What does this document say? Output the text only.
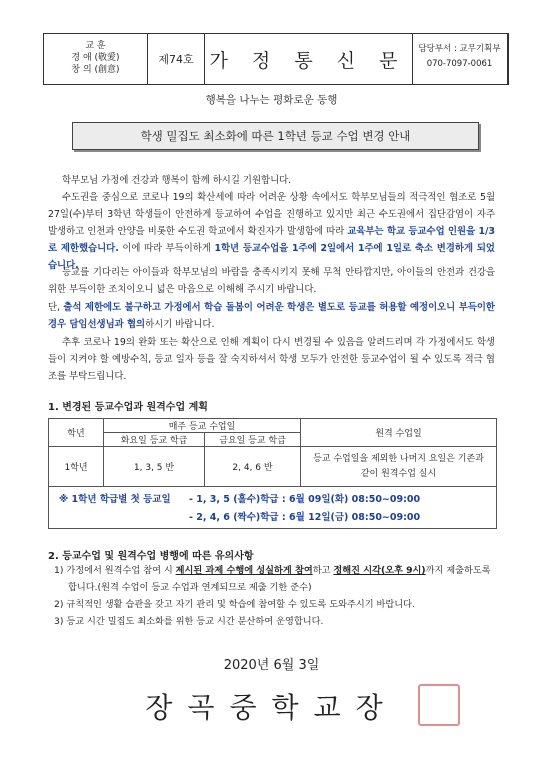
교 훈
경 애 (敬愛)
창 의 (創意)
제74호 가 정 통 신 문
담당부서 : 교무기획부
070-7097-0061
행복을 나누는 평화로운 동행
학생 밀집도 최소화에 따른 1학년 등교 수업 변경 안내
학부모님 가정에 건강과 행복이 함께 하시길 기원합니다.
수도권을 중심으로 코로나 19의 확산세에 따라 어려운 상황 속에서도 학부모님들의 적극적인 협조로 5월 27일(수)부터 3학년 학생들이 안전하게 등교하여 수업을 진행하고 있지만 최근 수도권에서 집단감염이 자주 발생하고 인천과 안양을 비롯한 수도권 학교에서 확진자가 발생함에 따라 교육부는 학교 등교수업 인원을 1/3로 제한했습니다. 이에 따라 부득이하게 1학년 등교수업을 1주에 2일에서 1주에 1일로 축소 변경하게 되었습니다.
등교를 기다리는 아이들과 학부모님의 바람을 충족시키지 못해 무척 안타깝지만, 아이들의 안전과 건강을 위한 부득이한 조치이오니 넓은 마음으로 이해해 주시기 바랍니다.
단, 출석 제한에도 불구하고 가정에서 학습 돌봄이 어려운 학생은 별도로 등교를 허용할 예정이오니 부득이한 경우 담임선생님과 협의하시기 바랍니다.
추후 코로나 19의 완화 또는 확산으로 인해 계획이 다시 변경될 수 있음을 알려드리며 각 가정에서도 학생들이 지켜야 할 예방수칙, 등교 일자 등을 잘 숙지하셔서 학생 모두가 안전한 등교수업이 될 수 있도록 적극 협조를 부탁드립니다.
1. 변경된 등교수업과 원격수업 계획
학년	매주 등교 수업일		원격 수업일
	화요일 등교 학급	금요일 등교 학급	
1학년	1, 3, 5 반	2, 4, 6 반	등교 수업일을 제외한 나머지 요일은 기존과 같이 원격수업 실시
※ 1학년 학급별 첫 등교일 - 1, 3, 5 (홀수)학급 : 6월 09일(화) 08:50~09:00
- 2, 4, 6 (짝수)학급 : 6월 12일(금) 08:50~09:00
2. 등교수업 및 원격수업 병행에 따른 유의사항
1) 가정에서 원격수업 참여 시 제시된 과제 수행에 성실하게 참여하고 정해진 시각(오후 9시)까지 제출하도록 합니다.(원격 수업이 등교 수업과 연계되므로 제출 기한 준수)
2) 규칙적인 생활 습관을 갖고 자기 관리 및 학습에 참여할 수 있도록 도와주시기 바랍니다.
3) 등교 시간 밀집도 최소화를 위한 등교 시간 분산하여 운영합니다.
2020년 6월 3일
장곡중학교장
